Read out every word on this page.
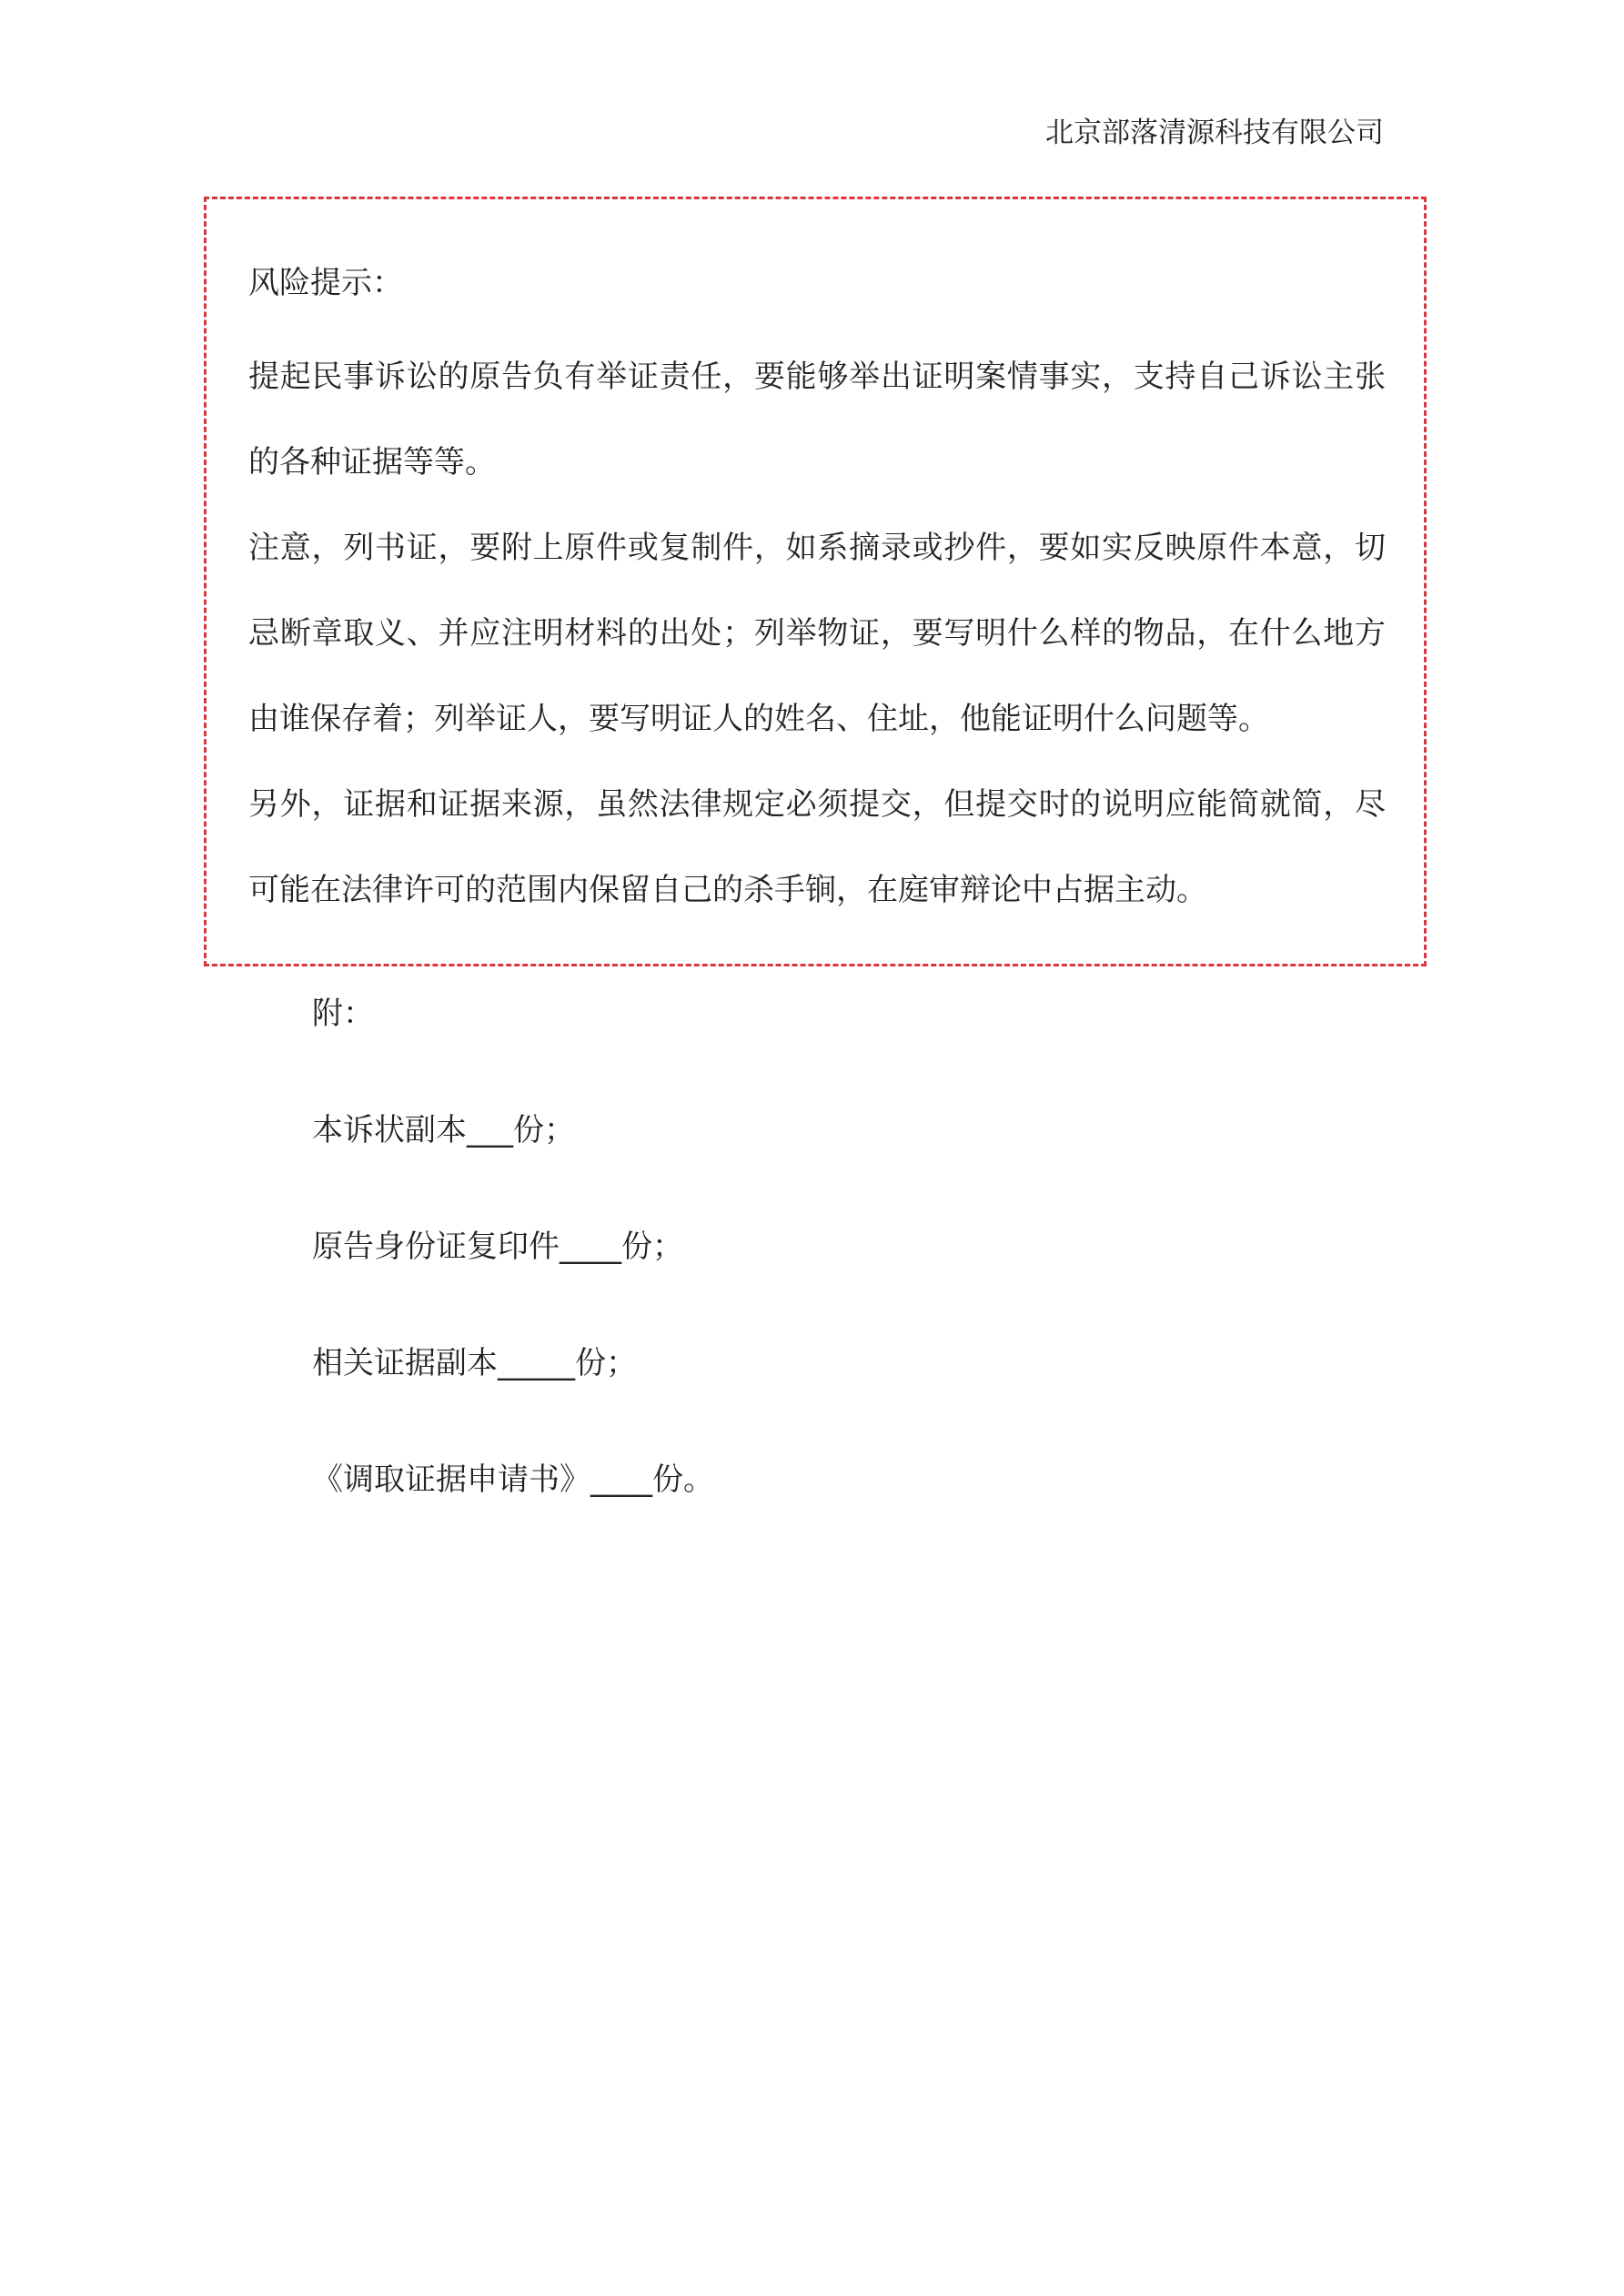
北京部落清源科技有限公司
风险提示：
提起民事诉讼的原告负有举证责任，要能够举出证明案情事实，支持自己诉讼主张的各种证据等等。
注意，列书证，要附上原件或复制件，如系摘录或抄件，要如实反映原件本意，切忌断章取义、并应注明材料的出处；列举物证，要写明什么样的物品，在什么地方由谁保存着；列举证人，要写明证人的姓名、住址，他能证明什么问题等。
另外，证据和证据来源，虽然法律规定必须提交，但提交时的说明应能简就简，尽可能在法律许可的范围内保留自己的杀手锏，在庭审辩论中占据主动。
附：
本诉状副本___份；
原告身份证复印件____份；
相关证据副本_____份；
《调取证据申请书》____份。
